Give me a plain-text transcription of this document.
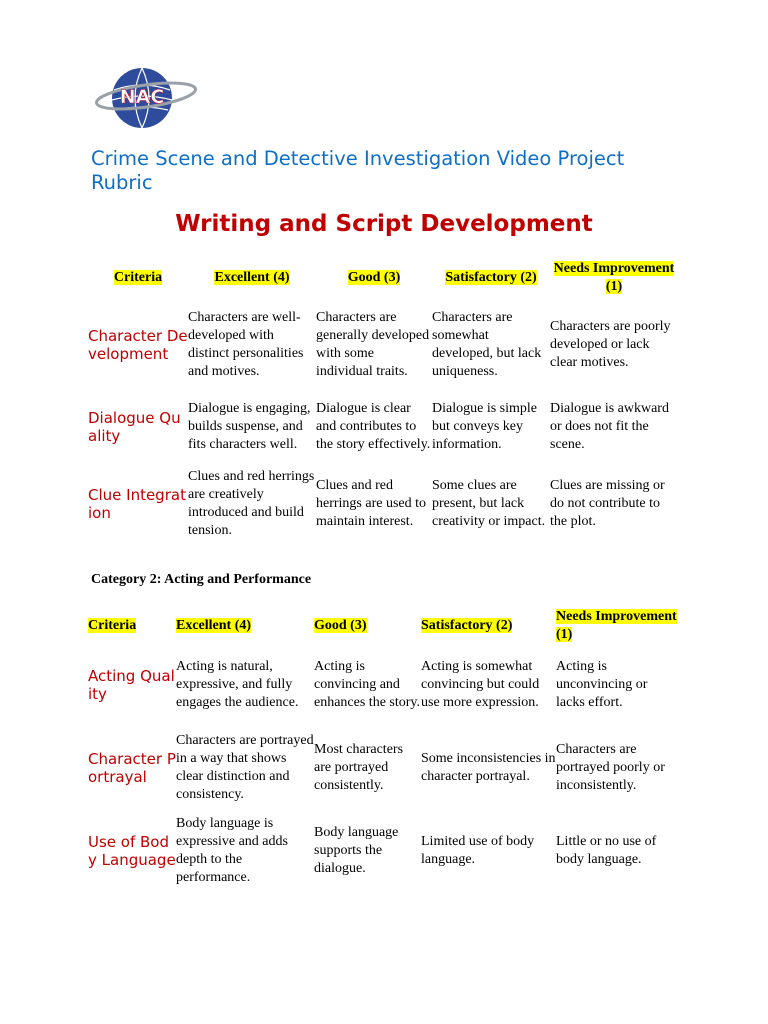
NAC
Crime Scene and Detective Investigation Video Project Rubric
Writing and Script Development
Criteria	Excellent (4)	Good (3)	Satisfactory (2)	Needs Improvement (1)
Character Development	Characters are well-developed with distinct personalities and motives.	Characters are generally developed with some individual traits.	Characters are somewhat developed, but lack uniqueness.	Characters are poorly developed or lack clear motives.
Dialogue Quality	Dialogue is engaging, builds suspense, and fits characters well.	Dialogue is clear and contributes to the story effectively.	Dialogue is simple but conveys key information.	Dialogue is awkward or does not fit the scene.
Clue Integration	Clues and red herrings are creatively introduced and build tension.	Clues and red herrings are used to maintain interest.	Some clues are present, but lack creativity or impact.	Clues are missing or do not contribute to the plot.

Category 2: Acting and Performance

Criteria	Excellent (4)	Good (3)	Satisfactory (2)	Needs Improvement (1)
Acting Quality	Acting is natural, expressive, and fully engages the audience.	Acting is convincing and enhances the story.	Acting is somewhat convincing but could use more expression.	Acting is unconvincing or lacks effort.
Character Portrayal	Characters are portrayed in a way that shows clear distinction and consistency.	Most characters are portrayed consistently.	Some inconsistencies in character portrayal.	Characters are portrayed poorly or inconsistently.
Use of Body Language	Body language is expressive and adds depth to the performance.	Body language supports the dialogue.	Limited use of body language.	Little or no use of body language.
